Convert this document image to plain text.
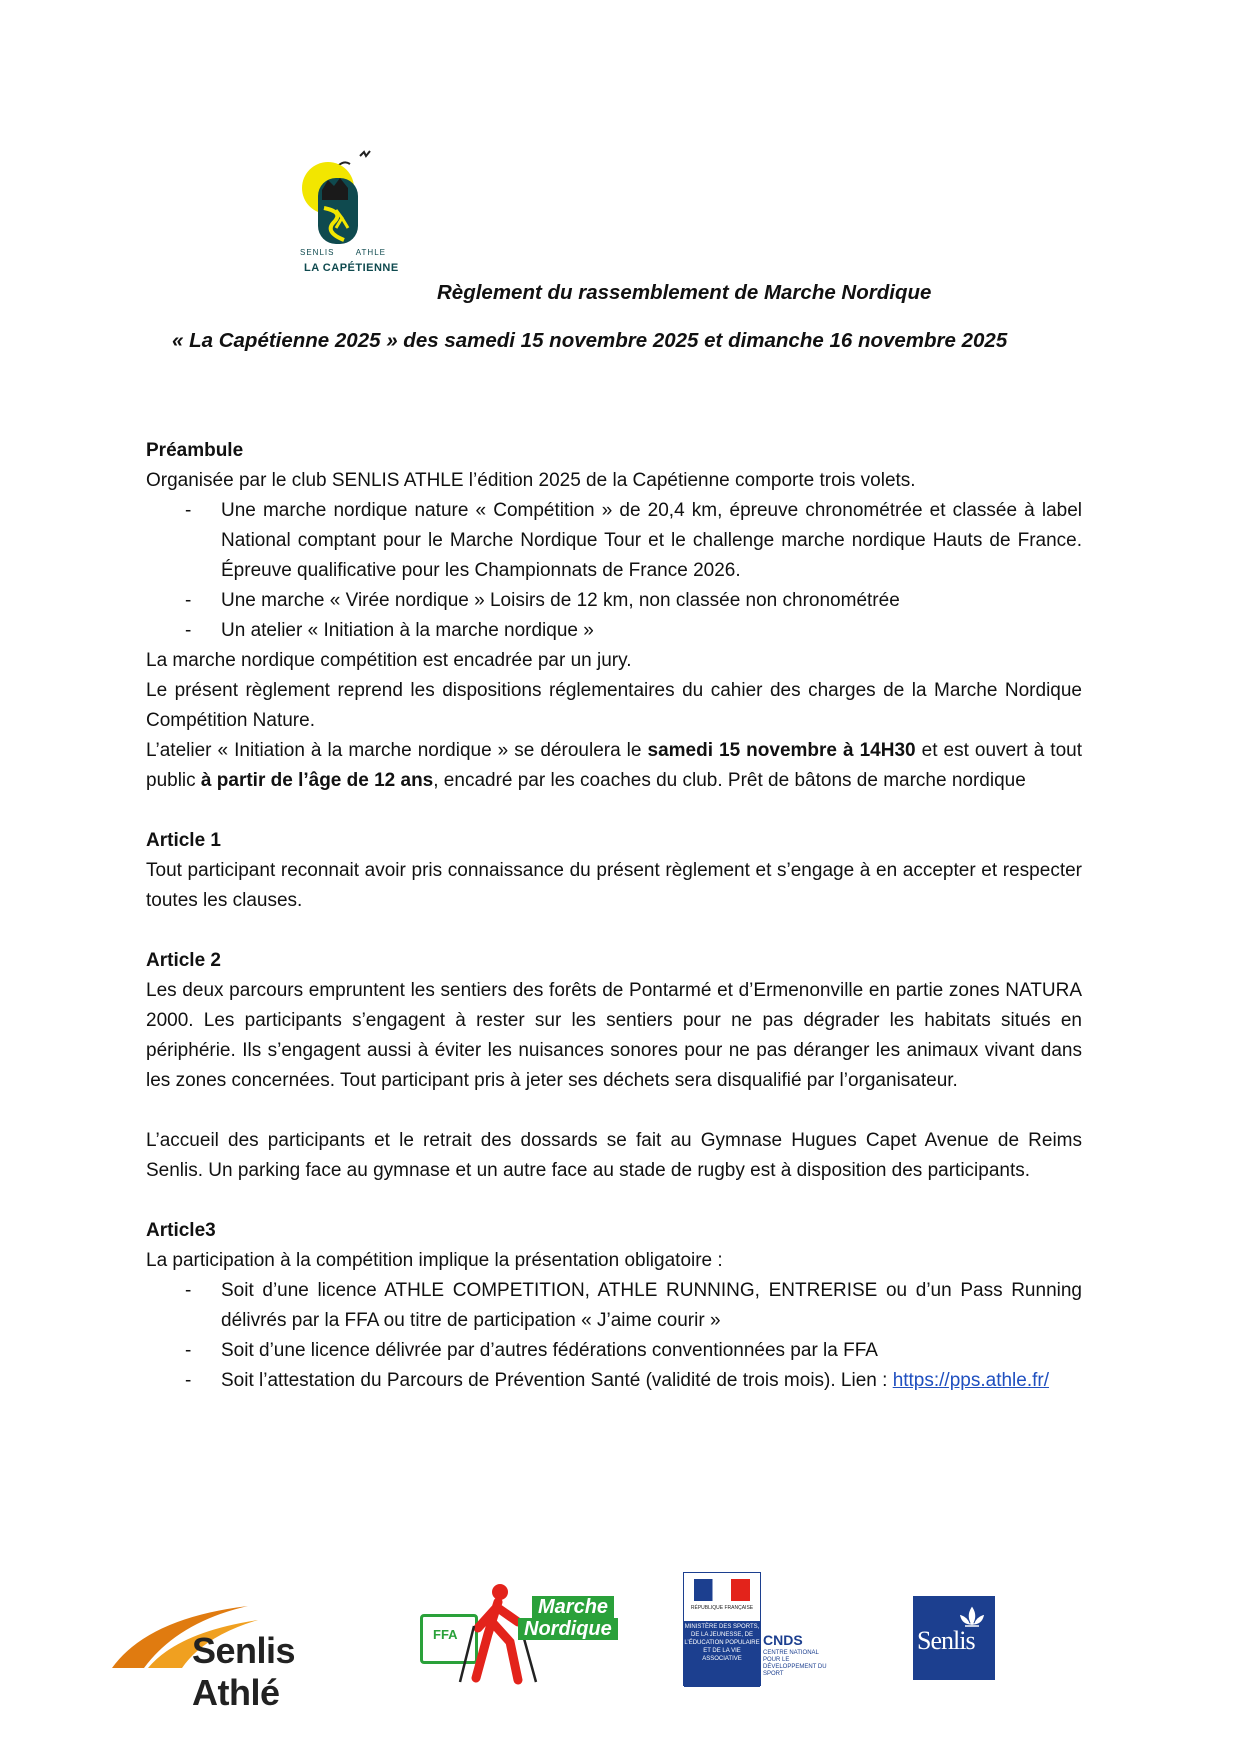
SENLIS	ATHLE
LA CAPÉTIENNE
Règlement du rassemblement de Marche Nordique
« La Capétienne 2025 » des samedi 15 novembre 2025 et dimanche 16 novembre 2025
Préambule
Organisée par le club SENLIS ATHLE l’édition 2025 de la Capétienne comporte trois volets.
- Une marche nordique nature « Compétition » de 20,4 km, épreuve chronométrée et classée à label National comptant pour le Marche Nordique Tour et le challenge marche nordique Hauts de France. Épreuve qualificative pour les Championnats de France 2026.
- Une marche « Virée nordique » Loisirs de 12 km, non classée non chronométrée
- Un atelier « Initiation à la marche nordique »
La marche nordique compétition est encadrée par un jury.
Le présent règlement reprend les dispositions réglementaires du cahier des charges de la Marche Nordique Compétition Nature.
L’atelier « Initiation à la marche nordique » se déroulera le samedi 15 novembre à 14H30 et est ouvert à tout public à partir de l’âge de 12 ans, encadré par les coaches du club. Prêt de bâtons de marche nordique
Article 1
Tout participant reconnait avoir pris connaissance du présent règlement et s’engage à en accepter et respecter toutes les clauses.
Article 2
Les deux parcours empruntent les sentiers des forêts de Pontarmé et d’Ermenonville en partie zones NATURA 2000. Les participants s’engagent à rester sur les sentiers pour ne pas dégrader les habitats situés en périphérie. Ils s’engagent aussi à éviter les nuisances sonores pour ne pas déranger les animaux vivant dans les zones concernées. Tout participant pris à jeter ses déchets sera disqualifié par l’organisateur.
L’accueil des participants et le retrait des dossards se fait au Gymnase Hugues Capet Avenue de Reims Senlis. Un parking face au gymnase et un autre face au stade de rugby est à disposition des participants.
Article3
La participation à la compétition implique la présentation obligatoire :
- Soit d’une licence ATHLE COMPETITION, ATHLE RUNNING, ENTRERISE ou d’un Pass Running délivrés par la FFA ou titre de participation « J’aime courir »
- Soit d’une licence délivrée par d’autres fédérations conventionnées par la FFA
- Soit l’attestation du Parcours de Prévention Santé (validité de trois mois). Lien : https://pps.athle.fr/
Senlis Athlé
FFA
Marche
Nordique
RÉPUBLIQUE FRANÇAISE
MINISTÈRE DES SPORTS, DE LA JEUNESSE, DE L’ÉDUCATION POPULAIRE ET DE LA VIE ASSOCIATIVE
CNDS
CENTRE NATIONAL POUR LE DÉVELOPPEMENT DU SPORT
Senlis
